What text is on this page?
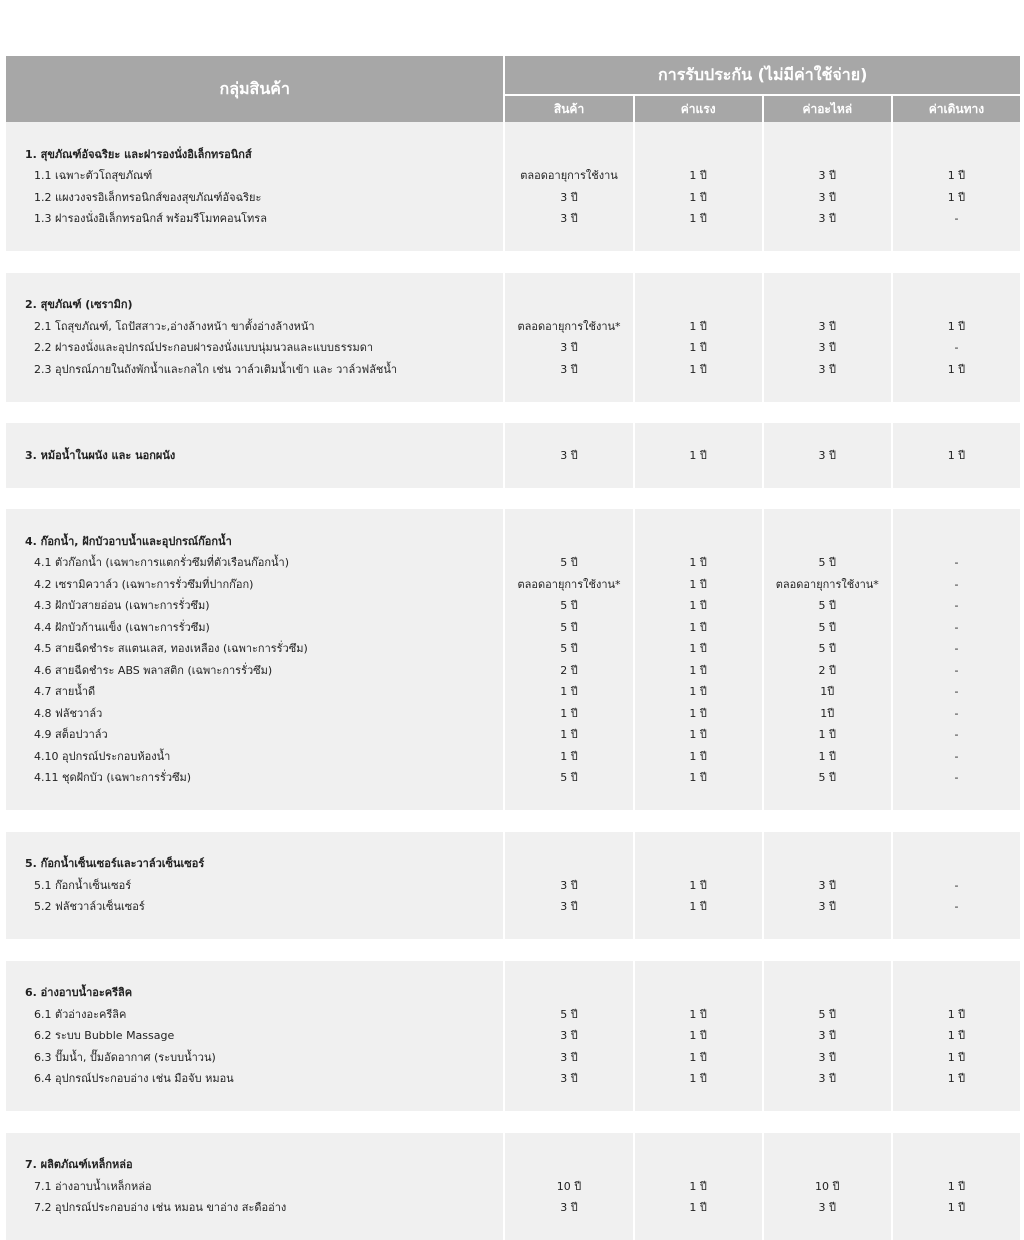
กลุ่มสินค้า	การรับประกัน (ไม่มีค่าใช้จ่าย)			
	สินค้า	ค่าแรง	ค่าอะไหล่	ค่าเดินทาง

1. สุขภัณฑ์อัจฉริยะ และฝารองนั่งอิเล็กทรอนิกส์				
1.1 เฉพาะตัวโถสุขภัณฑ์	ตลอดอายุการใช้งาน	1 ปี	3 ปี	1 ปี
1.2 แผงวงจรอิเล็กทรอนิกส์ของสุขภัณฑ์อัจฉริยะ	3 ปี	1 ปี	3 ปี	1 ปี
1.3 ฝารองนั่งอิเล็กทรอนิกส์ พร้อมรีโมทคอนโทรล	3 ปี	1 ปี	3 ปี	-

2. สุขภัณฑ์ (เซรามิก)				
2.1 โถสุขภัณฑ์, โถปัสสาวะ,อ่างล้างหน้า ขาตั้งอ่างล้างหน้า	ตลอดอายุการใช้งาน*	1 ปี	3 ปี	1 ปี
2.2 ฝารองนั่งและอุปกรณ์ประกอบฝารองนั่งแบบนุ่มนวลและแบบธรรมดา	3 ปี	1 ปี	3 ปี	-
2.3 อุปกรณ์ภายในถังพักน้ำและกลไก เช่น วาล์วเติมน้ำเข้า และ วาล์วฟลัชน้ำ	3 ปี	1 ปี	3 ปี	1 ปี

3. หม้อน้ำในผนัง และ นอกผนัง	3 ปี	1 ปี	3 ปี	1 ปี

4. ก๊อกน้ำ, ฝักบัวอาบน้ำและอุปกรณ์ก๊อกน้ำ				
4.1 ตัวก๊อกน้ำ (เฉพาะการแตกรั่วซึมที่ตัวเรือนก๊อกน้ำ)	5 ปี	1 ปี	5 ปี	-
4.2 เซรามิควาล์ว (เฉพาะการรั่วซึมที่ปากก๊อก)	ตลอดอายุการใช้งาน*	1 ปี	ตลอดอายุการใช้งาน*	-
4.3 ฝักบัวสายอ่อน (เฉพาะการรั่วซึม)	5 ปี	1 ปี	5 ปี	-
4.4 ฝักบัวก้านแข็ง (เฉพาะการรั่วซึม)	5 ปี	1 ปี	5 ปี	-
4.5 สายฉีดชำระ สแตนเลส, ทองเหลือง (เฉพาะการรั่วซึม)	5 ปี	1 ปี	5 ปี	-
4.6 สายฉีดชำระ ABS พลาสติก (เฉพาะการรั่วซึม)	2 ปี	1 ปี	2 ปี	-
4.7 สายน้ำดี	1 ปี	1 ปี	1ปี	-
4.8 ฟลัชวาล์ว	1 ปี	1 ปี	1ปี	-
4.9 สต็อปวาล์ว	1 ปี	1 ปี	1 ปี	-
4.10 อุปกรณ์ประกอบห้องน้ำ	1 ปี	1 ปี	1 ปี	-
4.11 ชุดฝักบัว (เฉพาะการรั่วซึม)	5 ปี	1 ปี	5 ปี	-

5. ก๊อกน้ำเซ็นเซอร์และวาล์วเซ็นเซอร์				
5.1 ก๊อกน้ำเซ็นเซอร์	3 ปี	1 ปี	3 ปี	-
5.2 ฟลัชวาล์วเซ็นเซอร์	3 ปี	1 ปี	3 ปี	-

6. อ่างอาบน้ำอะครีลิค				
6.1 ตัวอ่างอะครีลิค	5 ปี	1 ปี	5 ปี	1 ปี
6.2 ระบบ Bubble Massage	3 ปี	1 ปี	3 ปี	1 ปี
6.3 ปั๊มน้ำ, ปั๊มอัดอากาศ (ระบบน้ำวน)	3 ปี	1 ปี	3 ปี	1 ปี
6.4 อุปกรณ์ประกอบอ่าง เช่น มือจับ หมอน	3 ปี	1 ปี	3 ปี	1 ปี

7. ผลิตภัณฑ์เหล็กหล่อ				
7.1 อ่างอาบน้ำเหล็กหล่อ	10 ปี	1 ปี	10 ปี	1 ปี
7.2 อุปกรณ์ประกอบอ่าง เช่น หมอน ขาอ่าง สะดืออ่าง	3 ปี	1 ปี	3 ปี	1 ปี
